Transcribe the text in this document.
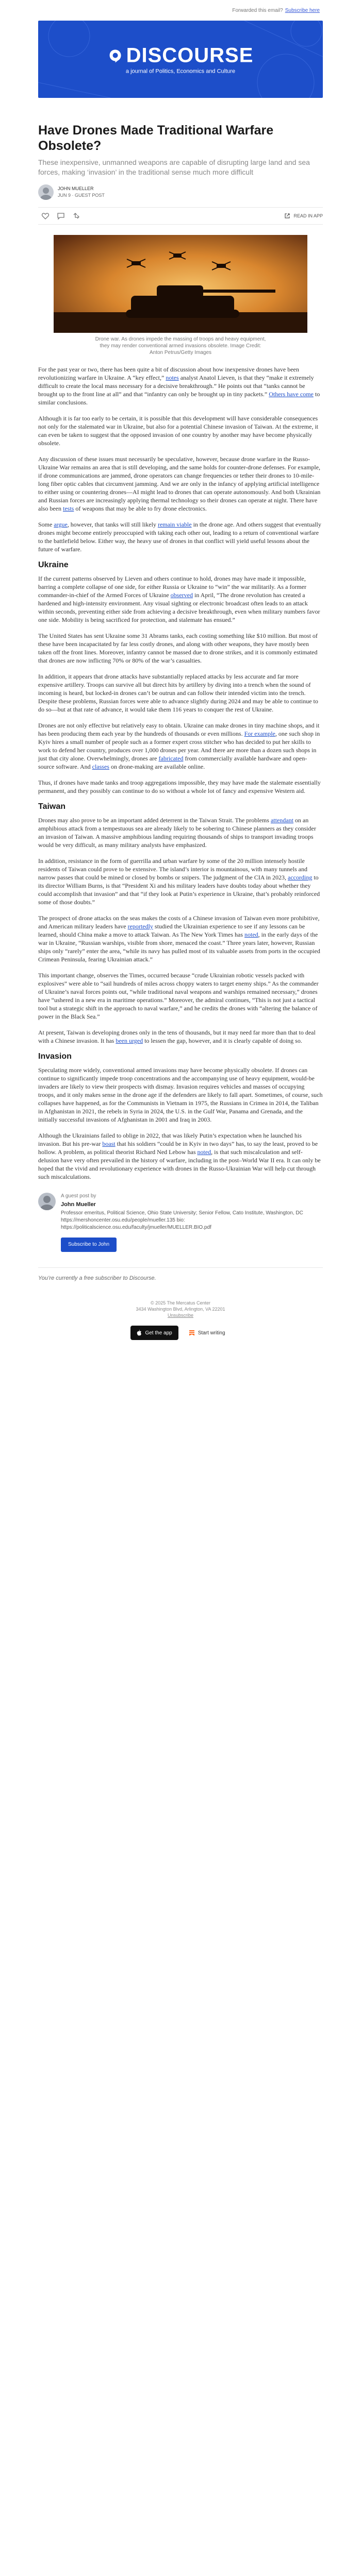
Forwarded this email? Subscribe here
DISCOURSE
a journal of Politics, Economics and Culture
Have Drones Made Traditional Warfare Obsolete?
These inexpensive, unmanned weapons are capable of disrupting large land and sea forces, making ‘invasion’ in the traditional sense much more difficult
JOHN MUELLER
JUN 9 · GUEST POST
READ IN APP
Drone war. As drones impede the massing of troops and heavy equipment, they may render conventional armed invasions obsolete. Image Credit: Anton Petrus/Getty Images

For the past year or two, there has been quite a bit of discussion about how inexpensive drones have been revolutionizing warfare in Ukraine. A “key effect,” notes analyst Anatol Lieven, is that they “make it extremely difficult to create the local mass necessary for a decisive breakthrough.” He points out that “tanks cannot be brought up to the front line at all” and that “infantry can only be brought up in tiny packets.” Others have come to similar conclusions.

Although it is far too early to be certain, it is possible that this development will have considerable consequences not only for the stalemated war in Ukraine, but also for a potential Chinese invasion of Taiwan. At the extreme, it can even be taken to suggest that the opposed invasion of one country by another may have become physically obsolete.

Any discussion of these issues must necessarily be speculative, however, because drone warfare in the Russo-Ukraine War remains an area that is still developing, and the same holds for counter-drone defenses. For example, if drone communications are jammed, drone operators can change frequencies or tether their drones to 10-mile-long fiber optic cables that circumvent jamming. And we are only in the infancy of applying artificial intelligence to either using or countering drones—AI might lead to drones that can operate autonomously. And both Ukrainian and Russian forces are increasingly applying thermal technology so their drones can operate at night. There have also been tests of weapons that may be able to fry drone electronics.

Some argue, however, that tanks will still likely remain viable in the drone age. And others suggest that eventually drones might become entirely preoccupied with taking each other out, leading to a return of conventional warfare to the battlefield below. Either way, the heavy use of drones in that conflict will yield useful lessons about the future of warfare.

Ukraine

If the current patterns observed by Lieven and others continue to hold, drones may have made it impossible, barring a complete collapse of one side, for either Russia or Ukraine to “win” the war militarily. As a former commander-in-chief of the Armed Forces of Ukraine observed in April, “The drone revolution has created a hardened and high-intensity environment. Any visual sighting or electronic broadcast often leads to an attack within seconds, preventing either side from achieving a decisive breakthrough, even when military numbers favor one side. Mobility is being sacrificed for protection, and stalemate has ensued.”

The United States has sent Ukraine some 31 Abrams tanks, each costing something like $10 million. But most of these have been incapacitated by far less costly drones, and along with other weapons, they have mostly been taken off the front lines. Moreover, infantry cannot be massed due to drone strikes, and it is commonly estimated that drones are now inflicting 70% or 80% of the war’s casualties.

In addition, it appears that drone attacks have substantially replaced attacks by less accurate and far more expensive artillery. Troops can survive all but direct hits by artillery by diving into a trench when the sound of incoming is heard, but locked-in drones can’t be outrun and can follow their intended victim into the trench. Despite these problems, Russian forces were able to advance slightly during 2024 and may be able to continue to do so—but at that rate of advance, it would take them 116 years to conquer the rest of Ukraine.

Drones are not only effective but relatively easy to obtain. Ukraine can make drones in tiny machine shops, and it has been producing them each year by the hundreds of thousands or even millions. For example, one such shop in Kyiv hires a small number of people such as a former expert cross stitcher who has decided to put her skills to work to defend her country, produces over 1,000 drones per year. And there are more than a dozen such shops in just that city alone. Overwhelmingly, drones are fabricated from commercially available hardware and open-source software. And classes on drone-making are available online.

Thus, if drones have made tanks and troop aggregations impossible, they may have made the stalemate essentially permanent, and they possibly can continue to do so without a whole lot of fancy and expensive Western aid.

Taiwan

Drones may also prove to be an important added deterrent in the Taiwan Strait. The problems attendant on an amphibious attack from a tempestuous sea are already likely to be sobering to Chinese planners as they consider an invasion of Taiwan. A massive amphibious landing requiring thousands of ships to transport invading troops would be very difficult, as many military analysts have emphasized.

In addition, resistance in the form of guerrilla and urban warfare by some of the 20 million intensely hostile residents of Taiwan could prove to be extensive. The island’s interior is mountainous, with many tunnels and narrow passes that could be mined or closed by bombs or snipers. The judgment of the CIA in 2023, according to its director William Burns, is that “President Xi and his military leaders have doubts today about whether they could accomplish that invasion” and that “if they look at Putin’s experience in Ukraine, that’s probably reinforced some of those doubts.”

The prospect of drone attacks on the seas makes the costs of a Chinese invasion of Taiwan even more prohibitive, and American military leaders have reportedly studied the Ukrainian experience to see if any lessons can be learned, should China make a move to attack Taiwan. As The New York Times has noted, in the early days of the war in Ukraine, “Russian warships, visible from shore, menaced the coast.” Three years later, however, Russian ships only “rarely” enter the area, “while its navy has pulled most of its valuable assets from ports in the occupied Crimean Peninsula, fearing Ukrainian attack.”

This important change, observes the Times, occurred because “crude Ukrainian robotic vessels packed with explosives” were able to “sail hundreds of miles across choppy waters to target enemy ships.” As the commander of Ukraine’s naval forces points out, “while traditional naval weapons and warships remained necessary,” drones have “ushered in a new era in maritime operations.” Moreover, the admiral continues, “This is not just a tactical tool but a strategic shift in the approach to naval warfare,” and he credits the drones with “altering the balance of power in the Black Sea.”

At present, Taiwan is developing drones only in the tens of thousands, but it may need far more than that to deal with a Chinese invasion. It has been urged to lessen the gap, however, and it is clearly capable of doing so.

Invasion

Speculating more widely, conventional armed invasions may have become physically obsolete. If drones can continue to significantly impede troop concentrations and the accompanying use of heavy equipment, would-be invaders are likely to view their prospects with dismay. Invasion requires vehicles and masses of occupying troops, and it only makes sense in the drone age if the defenders are likely to fall apart. Sometimes, of course, such collapses have happened, as for the Communists in Vietnam in 1975, the Russians in Crimea in 2014, the Taliban in Afghanistan in 2021, the rebels in Syria in 2024, the U.S. in the Gulf War, Panama and Grenada, and the initially successful invasions of Afghanistan in 2001 and Iraq in 2003.

Although the Ukrainians failed to oblige in 2022, that was likely Putin’s expectation when he launched his invasion. But his pre-war boast that his soldiers “could be in Kyiv in two days” has, to say the least, proved to be hollow. A problem, as political theorist Richard Ned Lebow has noted, is that such miscalculation and self-delusion have very often prevailed in the history of warfare, including in the post–World War II era. It can only be hoped that the vivid and revolutionary experience with drones in the Russo-Ukrainian War will help cut through such miscalculations.

A guest post by
John Mueller
Professor emeritus, Political Science, Ohio State University; Senior Fellow, Cato Institute, Washington, DC
https://mershoncenter.osu.edu/people/mueller.135 bio:
https://politicalscience.osu.edu/faculty/jmueller/MUELLER.BIO.pdf
Subscribe to John
You’re currently a free subscriber to Discourse.
© 2025 The Mercatus Center
3434 Washington Blvd, Arlington, VA 22201
Unsubscribe
Get the app	Start writing
